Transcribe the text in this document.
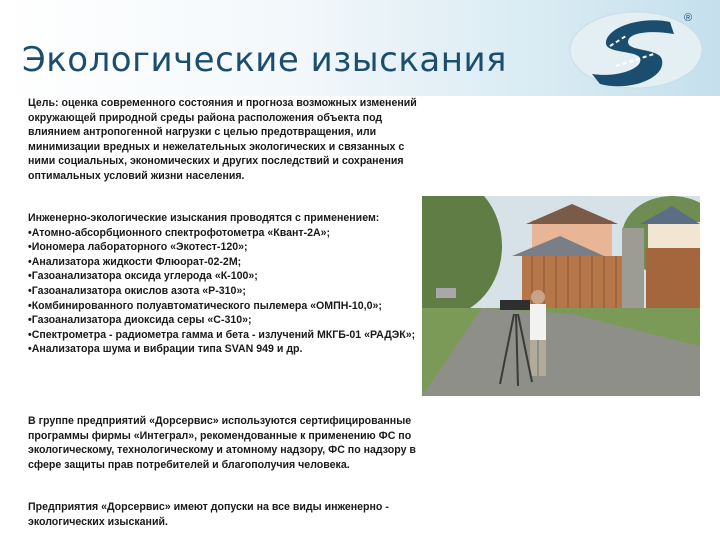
Экологические изыскания
®
Цель: оценка современного состояния и прогноза возможных изменений окружающей природной среды района расположения объекта под влиянием антропогенной нагрузки с целью предотвращения, или минимизации вредных и нежелательных экологических и связанных с ними социальных, экономических и других последствий и сохранения оптимальных условий жизни населения.

Инженерно-экологические изыскания проводятся с применением:

•Атомно-абсорбционного спектрофотометра «Квант-2А»;

•Иономера лабораторного «Экотест-120»;

•Анализатора жидкости Флюорат-02-2М;

•Газоанализатора оксида углерода «К-100»;

•Газоанализатора окислов азота «Р-310»;

•Комбинированного полуавтоматического пылемера «ОМПН-10,0»;

•Газоанализатора диоксида серы «С-310»;

•Спектрометра - радиометра гамма и бета - излучений МКГБ-01 «РАДЭК»;

•Анализатора шума и вибрации типа SVAN 949 и др.

В группе предприятий «Дорсервис» используются сертифицированные программы фирмы «Интеграл», рекомендованные к применению ФС по экологическому, технологическому и атомному надзору, ФС по надзору в сфере защиты прав потребителей и благополучия человека.
Предприятия «Дорсервис» имеют допуски на все виды инженерно - экологических изысканий.
